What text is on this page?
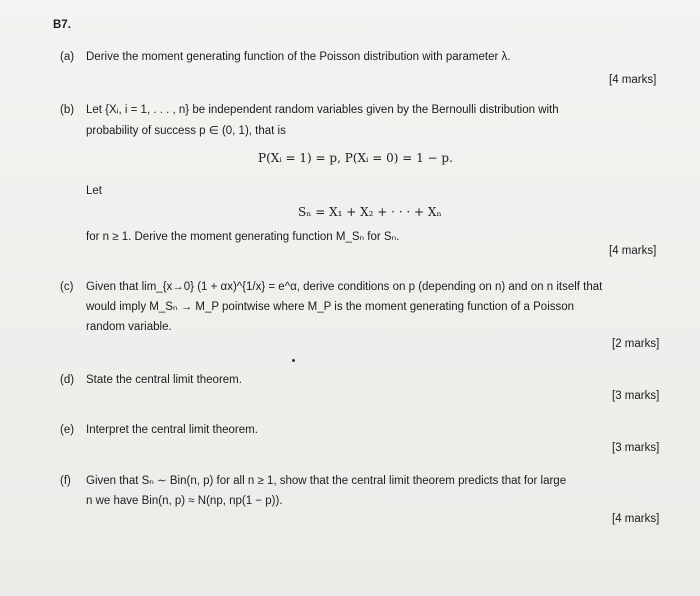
B7.
(a) Derive the moment generating function of the Poisson distribution with parameter λ.
[4 marks]
(b) Let {Xᵢ, i = 1, . . . , n} be independent random variables given by the Bernoulli distribution with
probability of success p ∈ (0, 1), that is
P(Xᵢ = 1) = p, P(Xᵢ = 0) = 1 − p.
Let
Sₙ = X₁ + X₂ + · · · + Xₙ
for n ≥ 1. Derive the moment generating function M_Sₙ for Sₙ.
[4 marks]
(c) Given that lim_{x→0} (1 + αx)^{1/x} = e^α, derive conditions on p (depending on n) and on n itself that
would imply M_Sₙ → M_P pointwise where M_P is the moment generating function of a Poisson
random variable.
[2 marks]
(d) State the central limit theorem.
[3 marks]
(e) Interpret the central limit theorem.
[3 marks]
(f) Given that Sₙ ∼ Bin(n, p) for all n ≥ 1, show that the central limit theorem predicts that for large
n we have Bin(n, p) ≈ N(np, np(1 − p)).
[4 marks]
